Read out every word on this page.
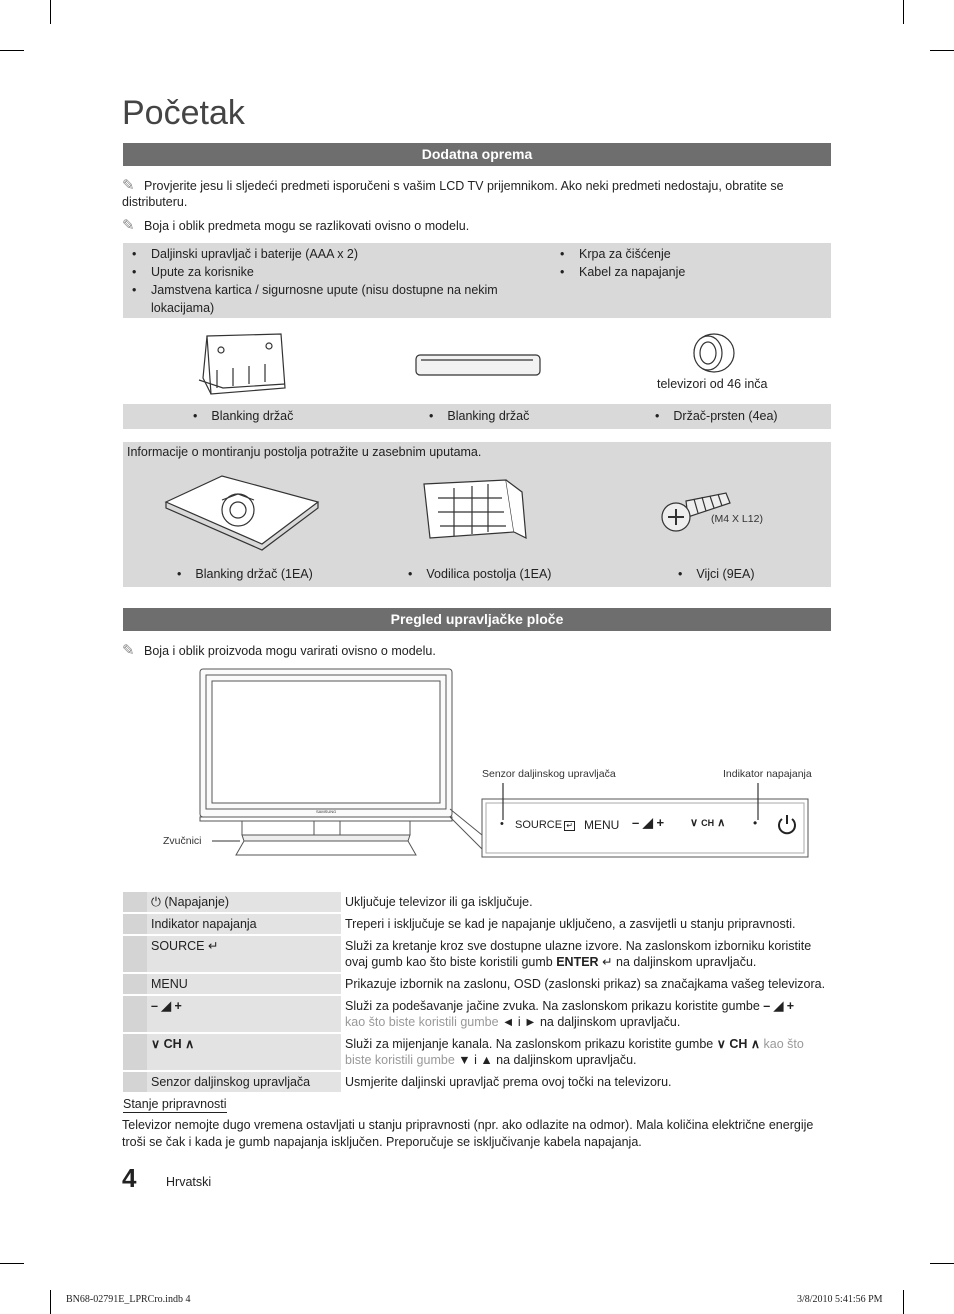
Početak
Dodatna oprema
✎ Provjerite jesu li sljedeći predmeti isporučeni s vašim LCD TV prijemnikom. Ako neki predmeti nedostaju, obratite se distributeru.
✎ Boja i oblik predmeta mogu se razlikovati ovisno o modelu.
• Daljinski upravljač i baterije (AAA x 2)
• Upute za korisnike
• Jamstvena kartica / sigurnosne upute (nisu dostupne na nekim lokacijama)
• Krpa za čišćenje
• Kabel za napajanje
televizori od 46 inča
• Blanking držač	• Blanking držač	• Držač-prsten (4ea)
Informacije o montiranju postolja potražite u zasebnim uputama.
(M4 X L12)
• Blanking držač (1EA)	• Vodilica postolja (1EA)	• Vijci (9EA)
Pregled upravljačke ploče
✎ Boja i oblik proizvoda mogu varirati ovisno o modelu.
SAMSUNG
Senzor daljinskog upravljača	Indikator napajanja
Zvučnici
• SOURCE ↵ MENU – ◢ + ∨ CH ∧ •
	⏻ (Napajanje)	Uključuje televizor ili ga isključuje.
	Indikator napajanja	Treperi i isključuje se kad je napajanje uključeno, a zasvijetli u stanju pripravnosti.
	SOURCE ↵	Služi za kretanje kroz sve dostupne ulazne izvore. Na zaslonskom izborniku koristite ovaj gumb kao što biste koristili gumb ENTER ↵ na daljinskom upravljaču.
	MENU	Prikazuje izbornik na zaslonu, OSD (zaslonski prikaz) sa značajkama vašeg televizora.
	– ◢ +	Služi za podešavanje jačine zvuka. Na zaslonskom prikazu koristite gumbe – ◢ +
kao što biste koristili gumbe ◄ i ► na daljinskom upravljaču.
	∨ CH ∧	Služi za mijenjanje kanala. Na zaslonskom prikazu koristite gumbe ∨ CH ∧ kao što biste koristili gumbe ▼ i ▲ na daljinskom upravljaču.
	Senzor daljinskog upravljača	Usmjerite daljinski upravljač prema ovoj točki na televizoru.
Stanje pripravnosti
Televizor nemojte dugo vremena ostavljati u stanju pripravnosti (npr. ako odlazite na odmor). Mala količina električne energije troši se čak i kada je gumb napajanja isključen. Preporučuje se isključivanje kabela napajanja.
4 Hrvatski
BN68-02791E_LPRCro.indb 4	3/8/2010 5:41:56 PM
